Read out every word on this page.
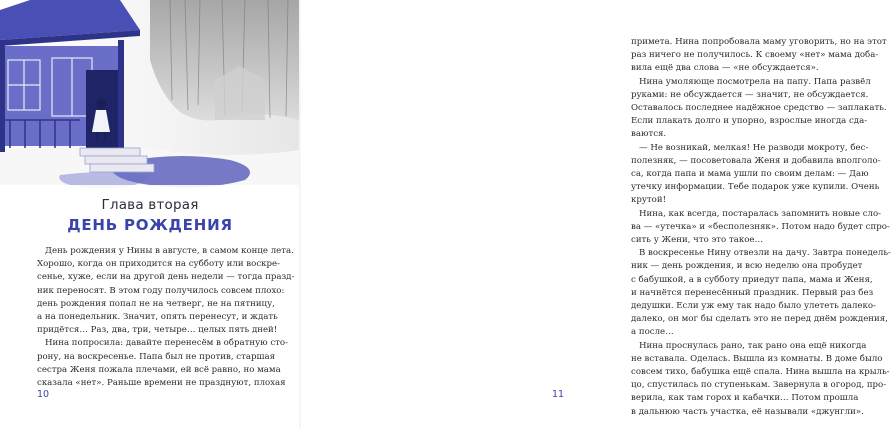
Глава вторая
ДЕНЬ РОЖДЕНИЯ
День рождения у Нины в августе, в самом конце лета.
Хорошо, когда он приходится на субботу или воскре-
сенье, хуже, если на другой день недели — тогда празд-
ник переносят. В этом году получилось совсем плохо:
день рождения попал не на четверг, не на пятницу,
а на понедельник. Значит, опять перенесут, и ждать
придётся… Раз, два, три, четыре… целых пять дней!
Нина попросила: давайте перенесём в обратную сто-
рону, на воскресенье. Папа был не против, старшая
сестра Женя пожала плечами, ей всё равно, но мама
сказала «нет». Раньше времени не празднуют, плохая
10
примета. Нина попробовала маму уговорить, но на этот
раз ничего не получилось. К своему «нет» мама доба-
вила ещё два слова — «не обсуждается».
Нина умоляюще посмотрела на папу. Папа развёл
руками: не обсуждается — значит, не обсуждается.
Оставалось последнее надёжное средство — заплакать.
Если плакать долго и упорно, взрослые иногда сда-
ваются.
— Не возникай, мелкая! Не разводи мокроту, бес-
полезняк, — посоветовала Женя и добавила вполголо-
са, когда папа и мама ушли по своим делам: — Даю
утечку информации. Тебе подарок уже купили. Очень
крутой!
Нина, как всегда, постаралась запомнить новые сло-
ва — «утечка» и «бесполезняк». Потом надо будет спро-
сить у Жени, что это такое…
В воскресенье Нину отвезли на дачу. Завтра понедель-
ник — день рождения, и всю неделю она пробудет
с бабушкой, а в субботу приедут папа, мама и Женя,
и начнётся перенесённый праздник. Первый раз без
дедушки. Если уж ему так надо было улететь далеко-
далеко, он мог бы сделать это не перед днём рождения,
а после…
Нина проснулась рано, так рано она ещё никогда
не вставала. Оделась. Вышла из комнаты. В доме было
совсем тихо, бабушка ещё спала. Нина вышла на крыль-
цо, спустилась по ступенькам. Завернула в огород, про-
верила, как там горох и кабачки… Потом прошла
в дальнюю часть участка, её называли «джунгли».
11
